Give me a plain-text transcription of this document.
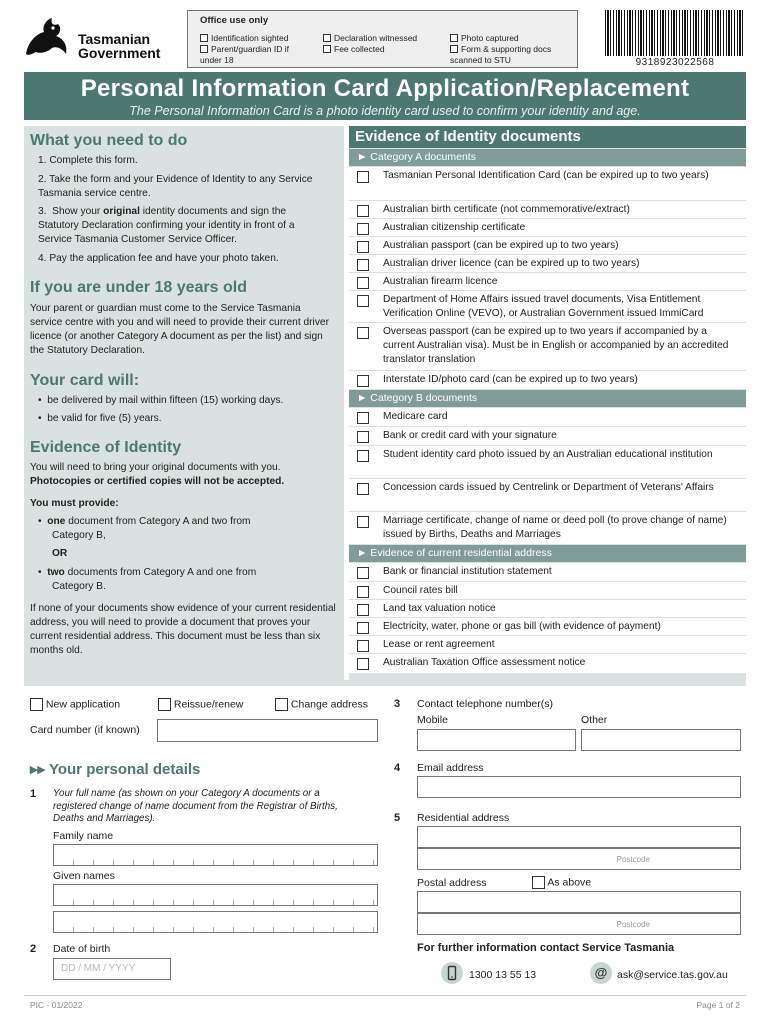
Tasmanian
Government
Office use only
Identification sighted
Parent/guardian ID if under 18
Declaration witnessed
Fee collected
Photo captured
Form & supporting docs scanned to STU	9318923022568
Personal Information Card Application/Replacement
The Personal Information Card is a photo identity card used to confirm your identity and age.
What you need to do
1. Complete this form.
2. Take the form and your Evidence of Identity to any Service Tasmania service centre.
3.  Show your original identity documents and sign the Statutory Declaration confirming your identity in front of a Service Tasmania Customer Service Officer.
4. Pay the application fee and have your photo taken.
If you are under 18 years old
Your parent or guardian must come to the Service Tasmania service centre with you and will need to provide their current driver licence (or another Category A document as per the list) and sign the Statutory Declaration.
Your card will:
•  be delivered by mail within fifteen (15) working days.
•  be valid for five (5) years.
Evidence of Identity
You will need to bring your original documents with you.
Photocopies or certified copies will not be accepted.
You must provide:
•  one document from Category A and two from Category B,
OR
•  two documents from Category A and one from Category B.
If none of your documents show evidence of your current residential address, you will need to provide a document that proves your current residential address. This document must be less than six months old.
Evidence of Identity documents
► Category A documents
Tasmanian Personal Identification Card (can be expired up to two years)
Australian birth certificate (not commemorative/extract)
Australian citizenship certificate
Australian passport (can be expired up to two years)
Australian driver licence (can be expired up to two years)
Australian firearm licence
Department of Home Affairs issued travel documents, Visa Entitlement Verification Online (VEVO), or Australian Government issued ImmiCard
Overseas passport (can be expired up to two years if accompanied by a current Australian visa). Must be in English or accompanied by an accredited translator translation
Interstate ID/photo card (can be expired up to two years)
► Category B documents
Medicare card
Bank or credit card with your signature
Student identity card photo issued by an Australian educational institution
Concession cards issued by Centrelink or Department of Veterans' Affairs
Marriage certificate, change of name or deed poll (to prove change of name) issued by Births, Deaths and Marriages
► Evidence of current residential address
Bank or financial institution statement
Council rates bill
Land tax valuation notice
Electricity, water, phone or gas bill (with evidence of payment)
Lease or rent agreement
Australian Taxation Office assessment notice
New application	Reissue/renew	Change address
Card number (if known)
▸▸ Your personal details
1 Your full name (as shown on your Category A documents or a registered change of name document from the Registrar of Births, Deaths and Marriages).
Family name
Given names
2 Date of birth
DD / MM / YYYY
3 Contact telephone number(s)
Mobile	Other
4 Email address
5 Residential address
Postcode
Postal address	As above
Postcode
For further information contact Service Tasmania
1300 13 55 13	@ ask@service.tas.gov.au
PIC - 01/2022	Page 1 of 2
